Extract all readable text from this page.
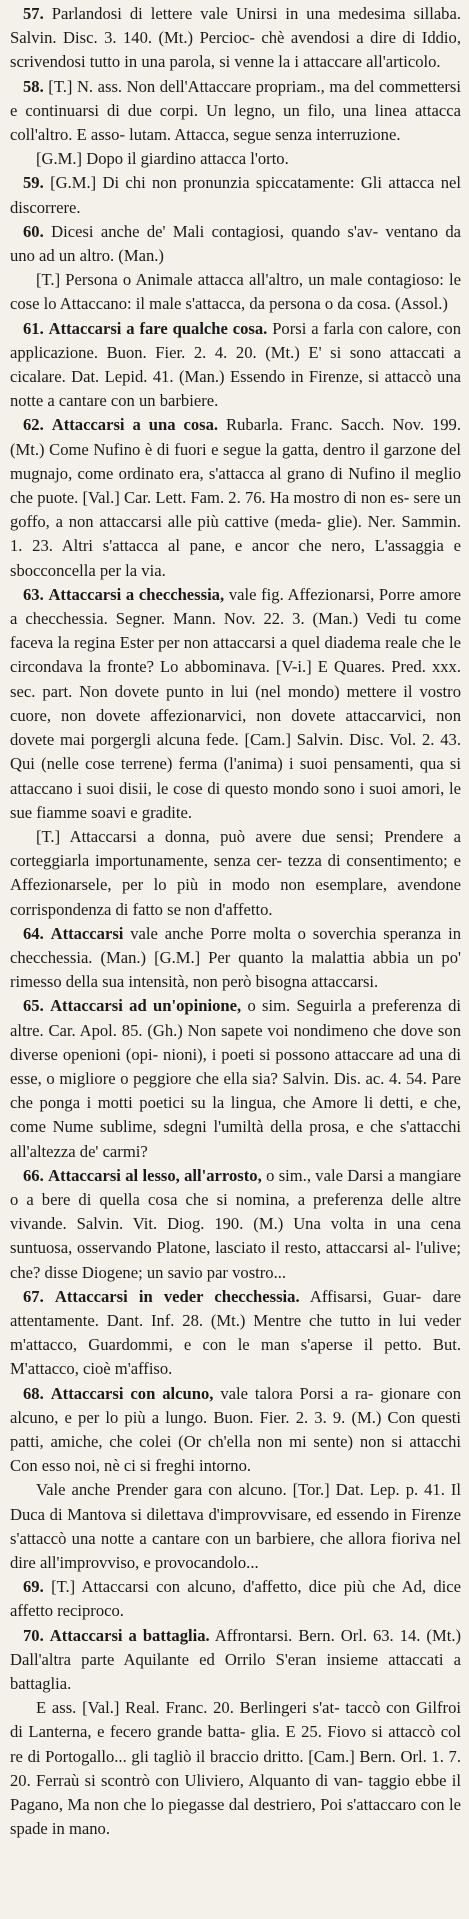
57. Parlandosi di lettere vale Unirsi in una medesima sillaba. Salvin. Disc. 3. 140. (Mt.) Percioc- chè avendosi a dire di Iddio, scrivendosi tutto in una parola, si venne la i attaccare all'articolo.
58. [T.] N. ass. Non dell'Attaccare propriam., ma del commettersi e continuarsi di due corpi. Un legno, un filo, una linea attacca coll'altro. E asso- lutam. Attacca, segue senza interruzione.

[G.M.] Dopo il giardino attacca l'orto.

59. [G.M.] Di chi non pronunzia spiccatamente: Gli attacca nel discorrere.
60. Dicesi anche de' Mali contagiosi, quando s'av- ventano da uno ad un altro. (Man.)

[T.] Persona o Animale attacca all'altro, un male contagioso: le cose lo Attaccano: il male s'attacca, da persona o da cosa. (Assol.)

61. Attaccarsi a fare qualche cosa. Porsi a farla con calore, con applicazione. Buon. Fier. 2. 4. 20. (Mt.) E' si sono attaccati a cicalare. Dat. Lepid. 41. (Man.) Essendo in Firenze, si attaccò una notte a cantare con un barbiere.
62. Attaccarsi a una cosa. Rubarla. Franc. Sacch. Nov. 199. (Mt.) Come Nufino è di fuori e segue la gatta, dentro il garzone del mugnajo, come ordinato era, s'attacca al grano di Nufino il meglio che puote. [Val.] Car. Lett. Fam. 2. 76. Ha mostro di non es- sere un goffo, a non attaccarsi alle più cattive (meda- glie). Ner. Sammin. 1. 23. Altri s'attacca al pane, e ancor che nero, L'assaggia e sbocconcella per la via.
63. Attaccarsi a checchessia, vale fig. Affezionarsi, Porre amore a checchessia. Segner. Mann. Nov. 22. 3. (Man.) Vedi tu come faceva la regina Ester per non attaccarsi a quel diadema reale che le circondava la fronte? Lo abbominava. [V-i.] E Quares. Pred. xxx. sec. part. Non dovete punto in lui (nel mondo) mettere il vostro cuore, non dovete affezionarvici, non dovete attaccarvici, non dovete mai porgergli alcuna fede. [Cam.] Salvin. Disc. Vol. 2. 43. Qui (nelle cose terrene) ferma (l'anima) i suoi pensamenti, qua si attaccano i suoi disii, le cose di questo mondo sono i suoi amori, le sue fiamme soavi e gradite.

[T.] Attaccarsi a donna, può avere due sensi; Prendere a corteggiarla importunamente, senza cer- tezza di consentimento; e Affezionarsele, per lo più in modo non esemplare, avendone corrispondenza di fatto se non d'affetto.

64. Attaccarsi vale anche Porre molta o soverchia speranza in checchessia. (Man.) [G.M.] Per quanto la malattia abbia un po' rimesso della sua intensità, non però bisogna attaccarsi.
65. Attaccarsi ad un'opinione, o sim. Seguirla a preferenza di altre. Car. Apol. 85. (Gh.) Non sapete voi nondimeno che dove son diverse openioni (opi- nioni), i poeti si possono attaccare ad una di esse, o migliore o peggiore che ella sia? Salvin. Dis. ac. 4. 54. Pare che ponga i motti poetici su la lingua, che Amore li detti, e che, come Nume sublime, sdegni l'umiltà della prosa, e che s'attacchi all'altezza de' carmi?
66. Attaccarsi al lesso, all'arrosto, o sim., vale Darsi a mangiare o a bere di quella cosa che si nomina, a preferenza delle altre vivande. Salvin. Vit. Diog. 190. (M.) Una volta in una cena suntuosa, osservando Platone, lasciato il resto, attaccarsi al- l'ulive; che? disse Diogene; un savio par vostro...
67. Attaccarsi in veder checchessia. Affisarsi, Guar- dare attentamente. Dant. Inf. 28. (Mt.) Mentre che tutto in lui veder m'attacco, Guardommi, e con le man s'aperse il petto. But. M'attacco, cioè m'affiso.
68. Attaccarsi con alcuno, vale talora Porsi a ra- gionare con alcuno, e per lo più a lungo. Buon. Fier. 2. 3. 9. (M.) Con questi patti, amiche, che colei (Or ch'ella non mi sente) non si attacchi Con esso noi, nè ci si freghi intorno.

Vale anche Prender gara con alcuno. [Tor.] Dat. Lep. p. 41. Il Duca di Mantova si dilettava d'improvvisare, ed essendo in Firenze s'attaccò una notte a cantare con un barbiere, che allora fioriva nel dire all'improvviso, e provocandolo...

69. [T.] Attaccarsi con alcuno, d'affetto, dice più che Ad, dice affetto reciproco.
70. Attaccarsi a battaglia. Affrontarsi. Bern. Orl. 63. 14. (Mt.) Dall'altra parte Aquilante ed Orrilo S'eran insieme attaccati a battaglia.

E ass. [Val.] Real. Franc. 20. Berlingeri s'at- taccò con Gilfroi di Lanterna, e fecero grande batta- glia. E 25. Fiovo si attaccò col re di Portogallo... gli tagliò il braccio dritto. [Cam.] Bern. Orl. 1. 7. 20. Ferraù si scontrò con Uliviero, Alquanto di van- taggio ebbe il Pagano, Ma non che lo piegasse dal destriero, Poi s'attaccaro con le spade in mano.
